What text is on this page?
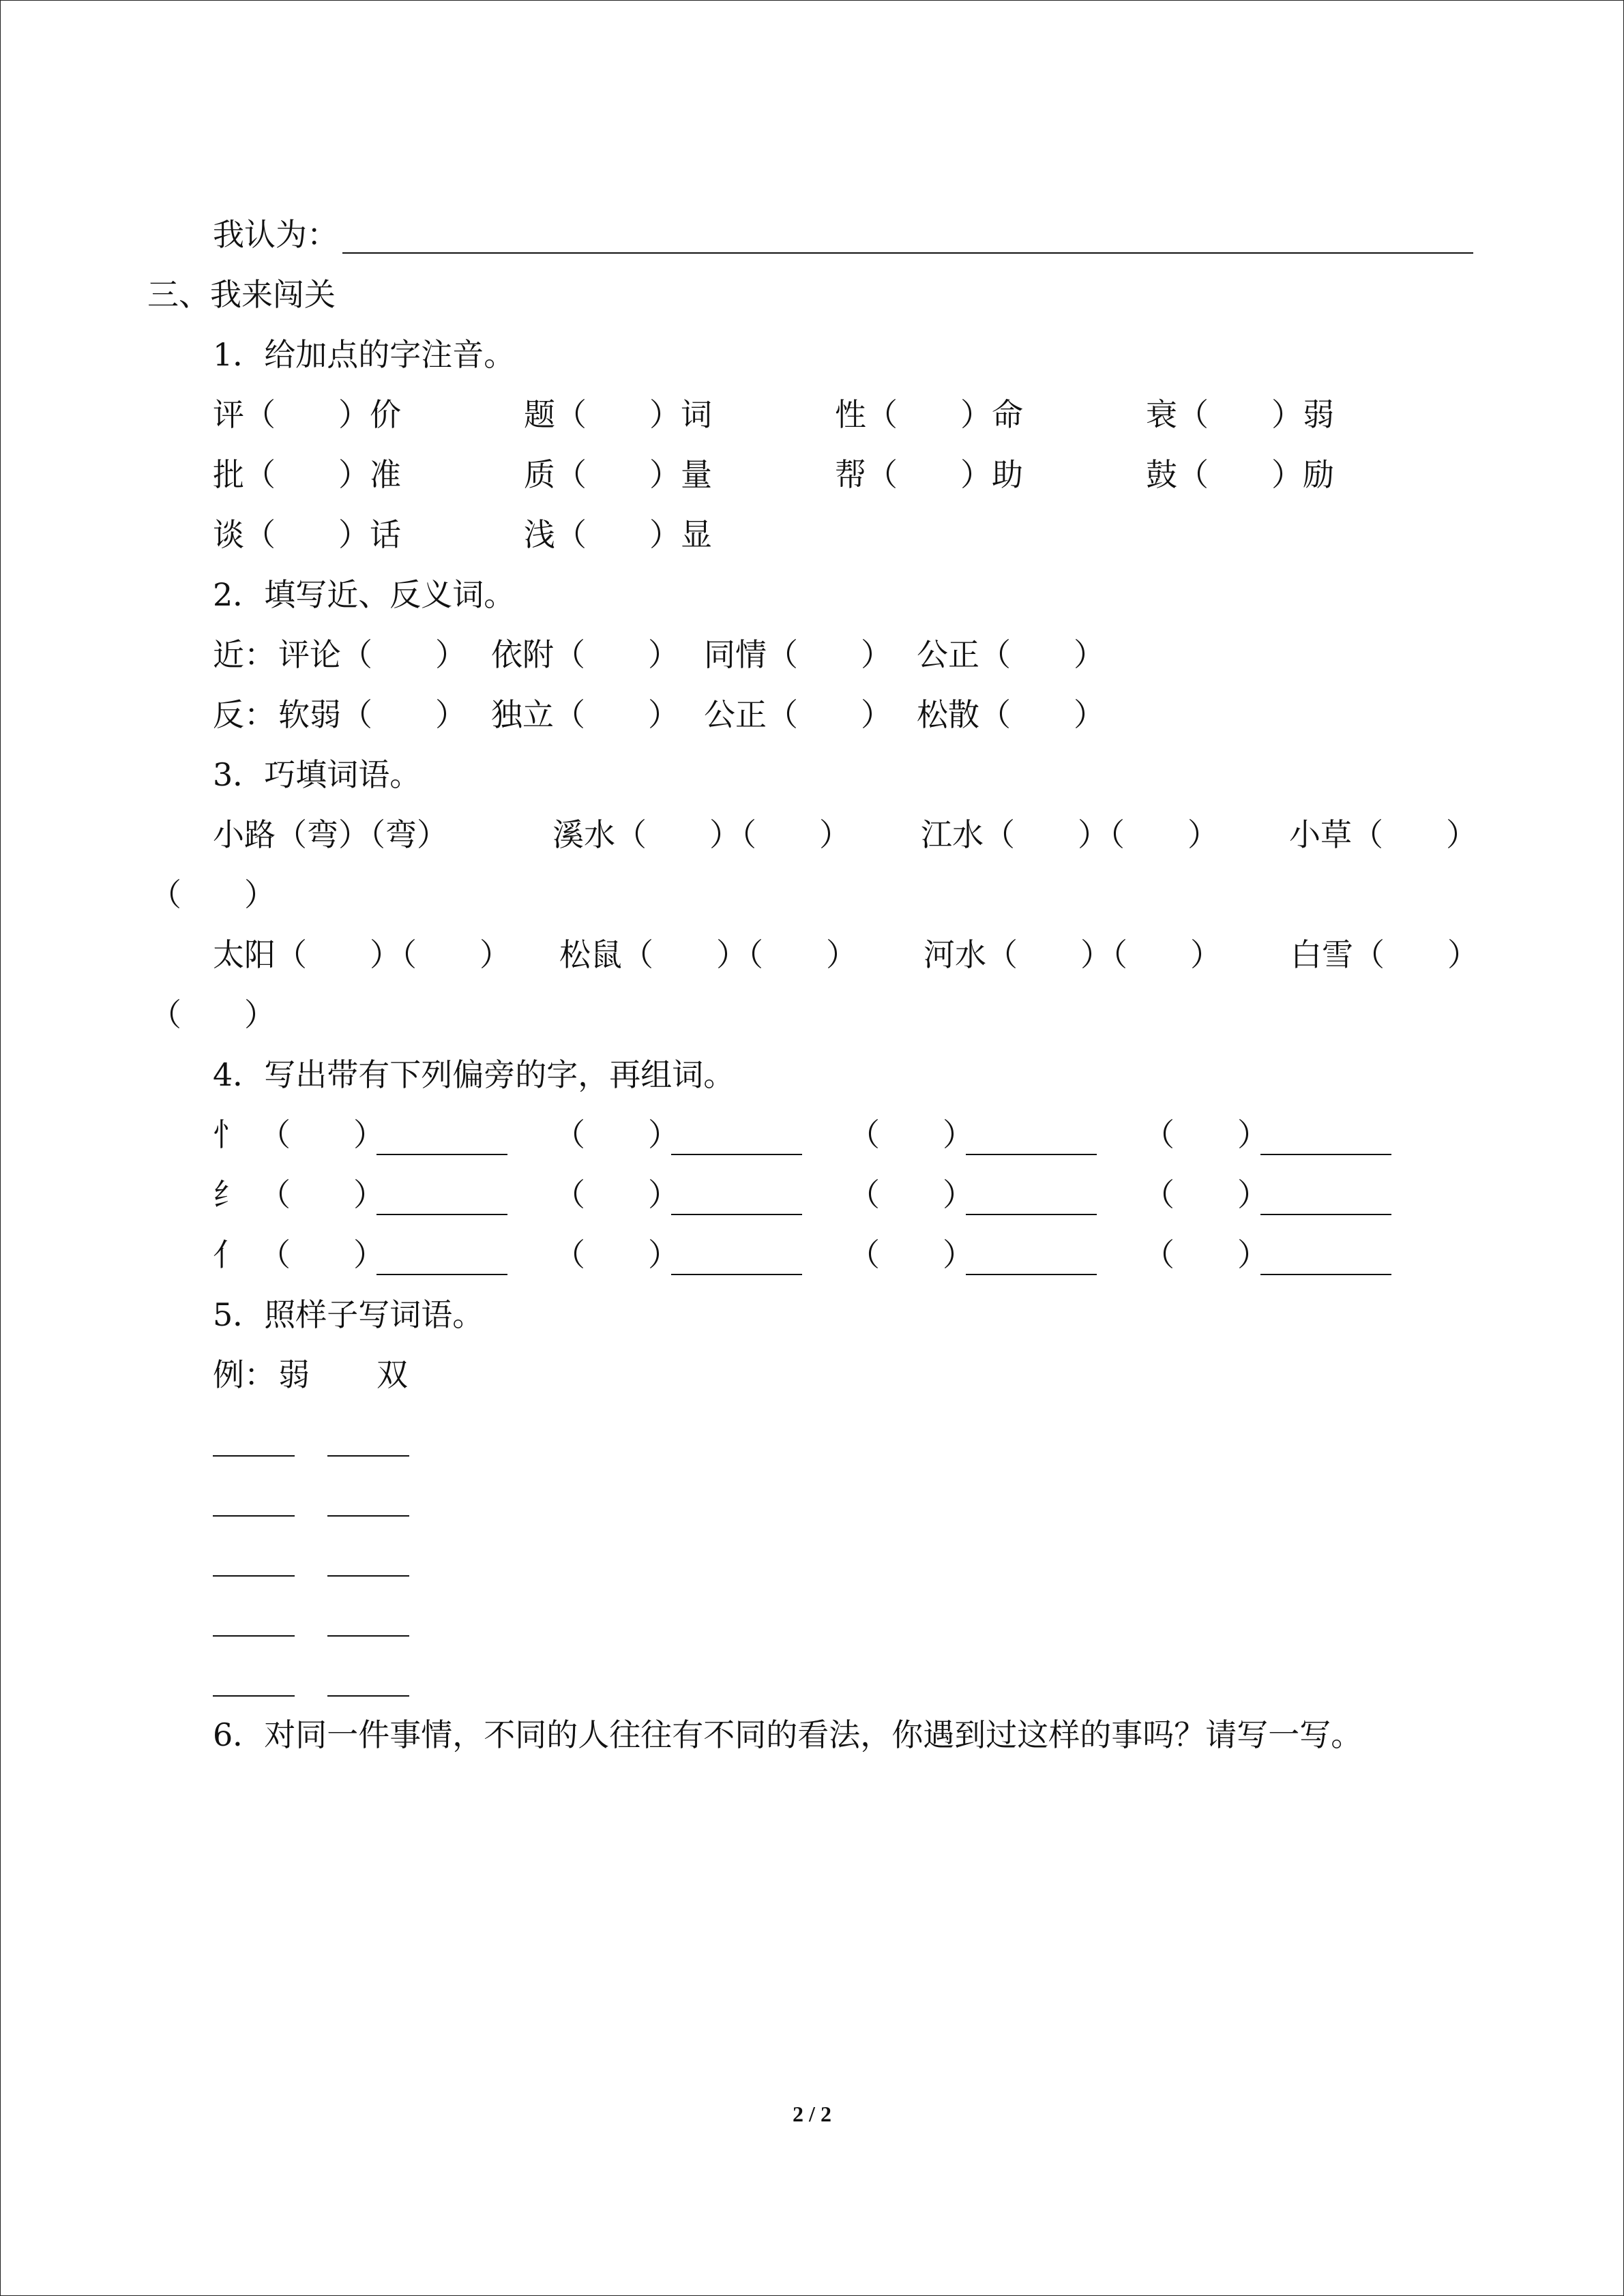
我认为：
三、我来闯关
1．给加点的字注音。
评（　　）价	题（　　）词	性（　　）命	衰（　　）弱
批（　　）准	质（　　）量	帮（　　）助	鼓（　　）励
谈（　　）话	浅（　　）显
2．填写近、反义词。
近： 评论（　　） 依附（　　） 同情（　　） 公正（　　）
反： 软弱（　　） 独立（　　） 公正（　　） 松散（　　）
3．巧填词语。
小路（弯）（弯）	溪水（　　）（　　） 江水（　　）（　　） 小草（　　）
（　　）
太阳（　　）（　　） 松鼠（　　）（　　） 河水（　　）（　　） 白雪（　　）
（　　）
4．写出带有下列偏旁的字，再组词。
忄 （　　）	（　　）	（　　）	（　　）
纟 （　　）	（　　）	（　　）	（　　）
亻 （　　）	（　　）	（　　）	（　　）
5．照样子写词语。
例： 弱 双
6．对同一件事情，不同的人往往有不同的看法，你遇到过这样的事吗？请写一写。
2 / 2
